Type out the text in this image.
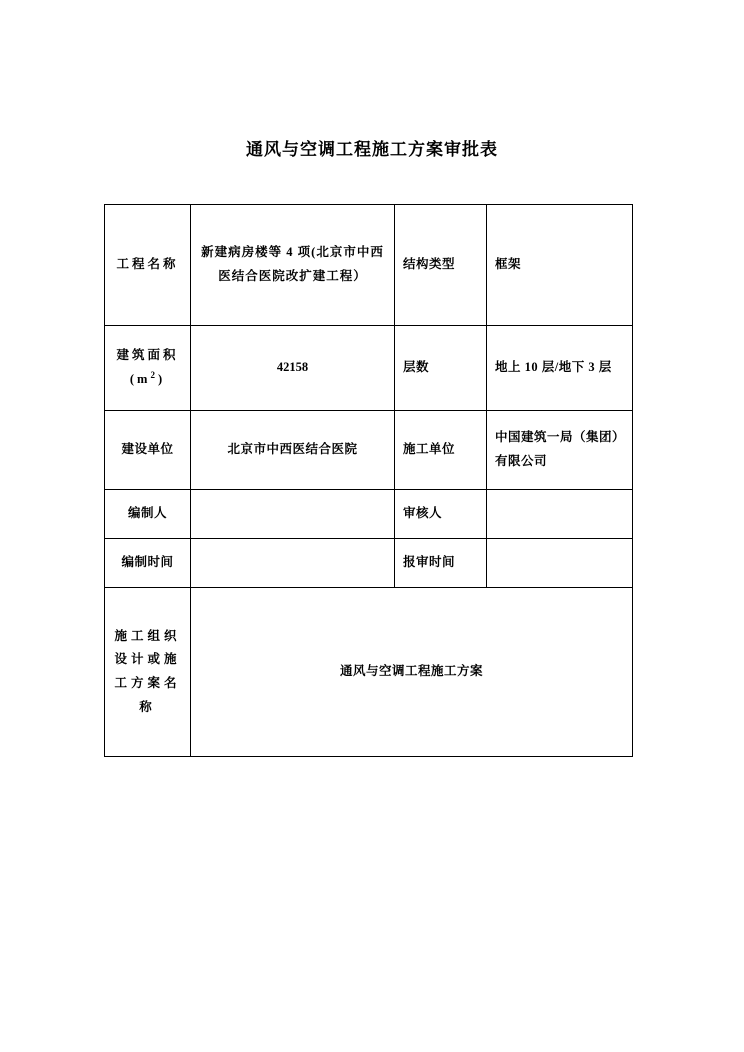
通风与空调工程施工方案审批表
工程名称	新建病房楼等 4 项(北京市中西医结合医院改扩建工程）	结构类型	框架

建筑面积
$(m^2)$	42158	层数	地上 10 层/地下 3 层
建设单位	北京市中西医结合医院	施工单位	中国建筑一局（集团）有限公司
编制人		审核人	
编制时间		报审时间	
施工组织设计或施工方案名称	通风与空调工程施工方案		
